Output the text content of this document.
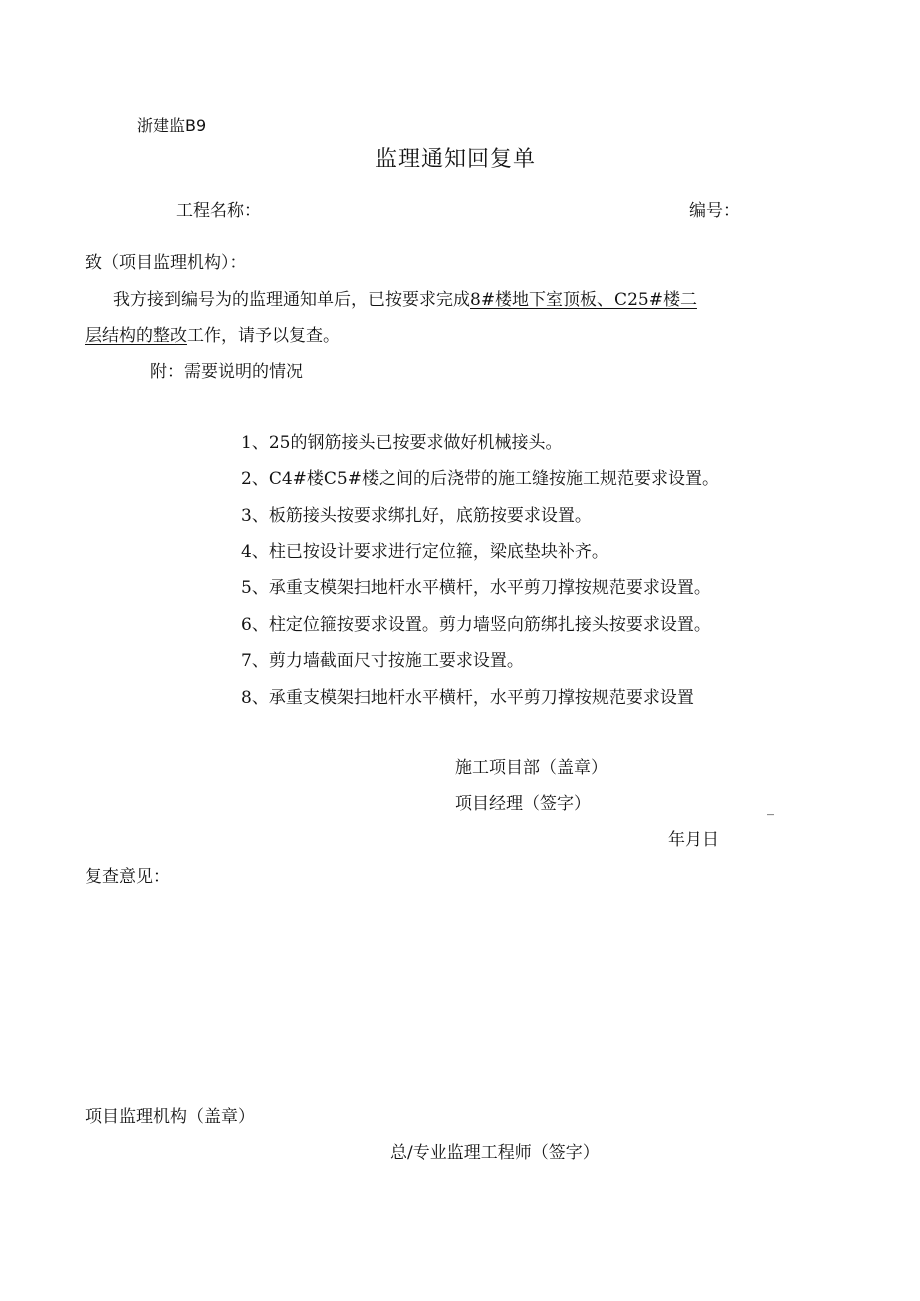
浙建监B9
监理通知回复单
工程名称：	编号：
致（项目监理机构）：
我方接到编号为的监理通知单后，已按要求完成8#楼地下室顶板、C25#楼二
层结构的整改工作，请予以复查。
附：需要说明的情况
1、25的钢筋接头已按要求做好机械接头。
2、C4#楼C5#楼之间的后浇带的施工缝按施工规范要求设置。
3、板筋接头按要求绑扎好，底筋按要求设置。
4、柱已按设计要求进行定位箍，梁底垫块补齐。
5、承重支模架扫地杆水平横杆，水平剪刀撑按规范要求设置。
6、柱定位箍按要求设置。剪力墙竖向筋绑扎接头按要求设置。
7、剪力墙截面尺寸按施工要求设置。
8、承重支模架扫地杆水平横杆，水平剪刀撑按规范要求设置
施工项目部（盖章）
项目经理（签字）	_
年月日
复查意见：
项目监理机构（盖章）
总/专业监理工程师（签字）
